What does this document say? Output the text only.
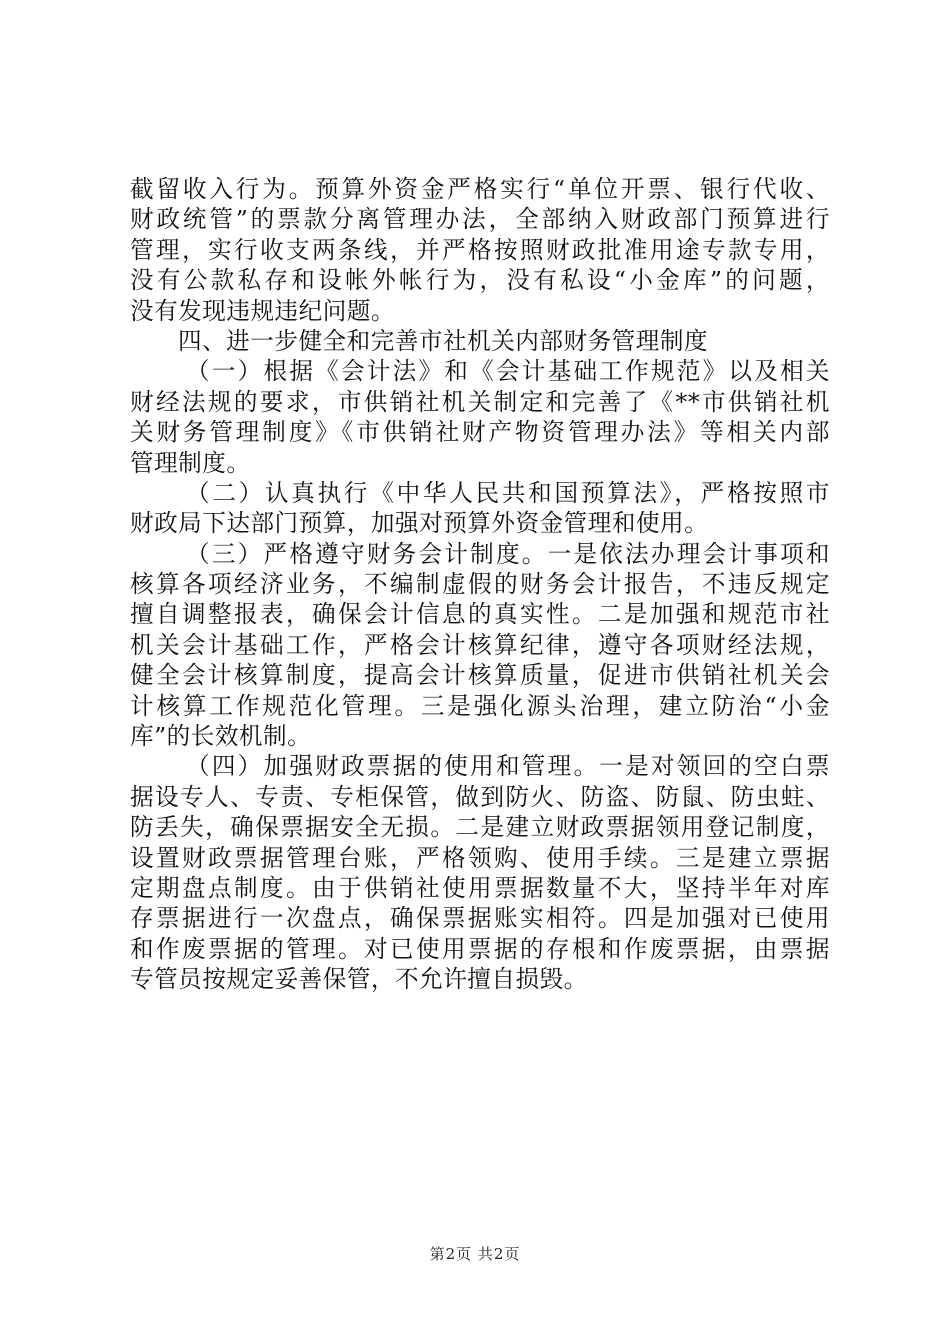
截留收入行为。预算外资金严格实行“单位开票、银行代收、
财政统管”的票款分离管理办法，全部纳入财政部门预算进行
管理，实行收支两条线，并严格按照财政批准用途专款专用，
没有公款私存和设帐外帐行为，没有私设“小金库”的问题，
没有发现违规违纪问题。
四、进一步健全和完善市社机关内部财务管理制度
（一）根据《会计法》和《会计基础工作规范》以及相关
财经法规的要求，市供销社机关制定和完善了《**市供销社机
关财务管理制度》《市供销社财产物资管理办法》等相关内部
管理制度。
（二）认真执行《中华人民共和国预算法》，严格按照市
财政局下达部门预算，加强对预算外资金管理和使用。
（三）严格遵守财务会计制度。一是依法办理会计事项和
核算各项经济业务，不编制虚假的财务会计报告，不违反规定
擅自调整报表，确保会计信息的真实性。二是加强和规范市社
机关会计基础工作，严格会计核算纪律，遵守各项财经法规，
健全会计核算制度，提高会计核算质量，促进市供销社机关会
计核算工作规范化管理。三是强化源头治理，建立防治“小金
库”的长效机制。
（四）加强财政票据的使用和管理。一是对领回的空白票
据设专人、专责、专柜保管，做到防火、防盗、防鼠、防虫蛀、
防丢失，确保票据安全无损。二是建立财政票据领用登记制度，
设置财政票据管理台账，严格领购、使用手续。三是建立票据
定期盘点制度。由于供销社使用票据数量不大，坚持半年对库
存票据进行一次盘点，确保票据账实相符。四是加强对已使用
和作废票据的管理。对已使用票据的存根和作废票据，由票据
专管员按规定妥善保管，不允许擅自损毁。
第2页 共2页
